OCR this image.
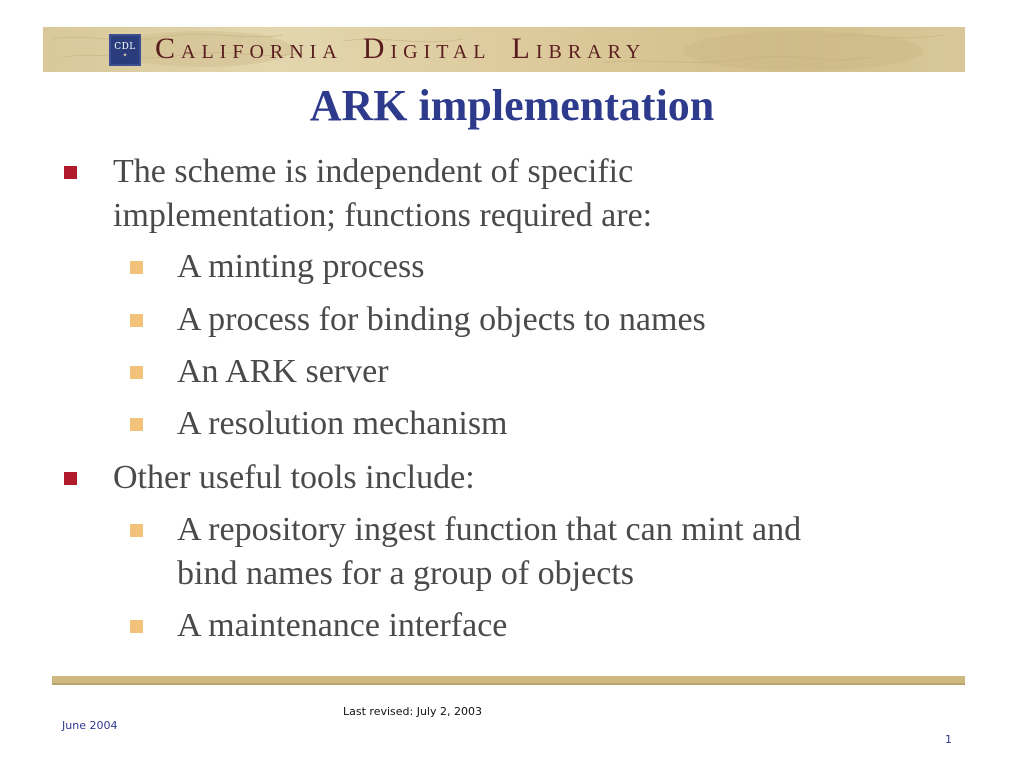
CDL
✦ CALIFORNIA DIGITAL LIBRARY
ARK implementation
The scheme is independent of specific
implementation; functions required are:
A minting process
A process for binding objects to names
An ARK server
A resolution mechanism
Other useful tools include:
A repository ingest function that can mint and
bind names for a group of objects
A maintenance interface
Last revised: July 2, 2003
June 2004
1
